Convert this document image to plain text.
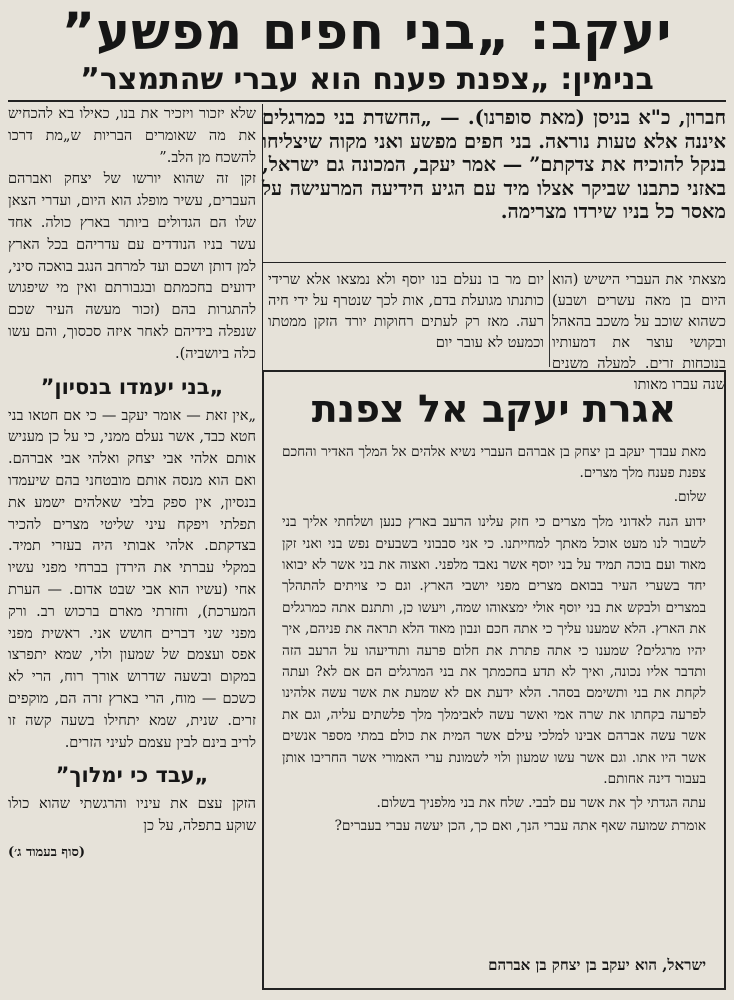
יעקב: „בני חפים מפשע”
בנימין: „צפנת פענח הוא עברי שהתמצר”
חברון, כ"א בניסן (מאת סופרנו). — „החשדת בני כמרגלים איננה אלא טעות נוראה. בני חפים מפשע ואני מקוה שיצליחו בנקל להוכיח את צדקתם” — אמר יעקב, המכונה גם ישראל, באזני כתבנו שביקר אצלו מיד עם הגיע הידיעה המרעישה על מאסר כל בניו שירדו מצרימה.
מצאתי את העברי הישיש (הוא היום בן מאה עשרים ושבע) כשהוא שוכב על משכב בהאהל ובקושי עוצר את דמעותיו בנוכחות זרים. למעלה משנים שנה עברו מאותו
יום מר בו נעלם בנו יוסף ולא נמצאו אלא שרידי כותנתו מגועלת בדם, אות לכך שנטרף על ידי חיה רעה. מאז רק לעתים רחוקות יורד הזקן ממטתו וכמעט לא עובר יום

שלא יזכור ויזכיר את בנו, כאילו בא להכחיש את מה שאומרים הבריות ש„מת דרכו להשכח מן הלב.”

זקן זה שהוא יורשו של יצחק ואברהם העברים, עשיר מופלג הוא היום, ועדרי הצאן שלו הם הגדולים ביותר בארץ כולה. אחד עשר בניו הנודדים עם עדריהם בכל הארץ למן דותן ושכם ועד למרחב הנגב בואכה סיני, ידועים בחכמתם ובגבורתם ואין מי שיפגוש להתגרות בהם (זכור מעשה העיר שכם שנפלה בידיהם לאחר איזה סכסוך, והם עשו כלה ביושביה).

„בני יעמדו בנסיון”

„אין זאת — אומר יעקב — כי אם חטאו בני חטא כבד, אשר נעלם ממני, כי על כן מעניש אותם אלהי אבי יצחק ואלהי אבי אברהם. ואם הוא מנסה אותם מובטחני בהם שיעמדו בנסיון, אין ספק בלבי שאלהים ישמע את תפלתי ויפקח עיני שליטי מצרים להכיר בצדקתם. אלהי אבותי היה בעזרי תמיד. במקלי עברתי את הירדן בברחי מפני עשיו אחי (עשיו הוא אבי שבט אדום. — הערת המערכת), וחזרתי מארם ברכוש רב. ורק מפני שני דברים חושש אני. ראשית מפני אפס ועצמם של שמעון ולוי, שמא יתפרצו במקום ובשעה שדרוש אורך רוח, הרי לא כשכם — מוח, הרי בארץ זרה הם, מוקפים זרים. שנית, שמא יתחילו בשעה קשה זו לריב בינם לבין עצמם לעיני הזרים.

„עבד כי ימלוך”

הזקן עצם את עיניו והרגשתי שהוא כולו שוקע בתפלה, על כן

(סוף בעמוד ג׳)
אגרת יעקב אל צפנת

מאת עבדך יעקב בן יצחק בן אברהם העברי נשיא אלהים אל המלך האדיר והחכם צפנת פענח מלך מצרים.

שלום.

ידוע הנה לאדוני מלך מצרים כי חזק עלינו הרעב בארץ כנען ושלחתי אליך בני לשבור לנו מעט אוכל מאתך למחייתנו. כי אני סבבוני בשבעים נפש בני ואני זקן מאוד ועם בוכה תמיד על בני יוסף אשר נאבד מלפני. ואצוה את בני אשר לא יבואו יחד בשערי העיר בבואם מצרים מפני יושבי הארץ. וגם כי צויתים להתהלך במצרים ולבקש את בני יוסף אולי ימצאוהו שמה, ויעשו כן, ותתנם אתה כמרגלים את הארץ. הלא שמענו עליך כי אתה חכם ונבון מאוד הלא תראה את פניהם, איך יהיו מרגלים? שמענו כי אתה פתרת את חלום פרעה ותודיעהו על הרעב הזה ותדבר אליו נכונה, ואיך לא תדע בחכמתך את בני המרגלים הם אם לא? ועתה לקחת את בני ותשימם בסהר. הלא ידעת אם לא שמעת את אשר עשה אלהינו לפרעה בקחתו את שרה אמי ואשר עשה לאבימלך מלך פלשתים עליה, וגם את אשר עשה אברהם אבינו למלכי עילם אשר המית את כולם במתי מספר אנשים אשר היו אתו. וגם אשר עשו שמעון ולוי לשמונת ערי האמורי אשר החריבו אותן בעבור דינה אחותם.

עתה הגדתי לך את אשר עם לבבי. שלח את בני מלפניך בשלום.

אומרת שמועה שאף אתה עברי הנך, ואם כך, הכן יעשה עברי בעברים?

ישראל, הוא יעקב בן יצחק בן אברהם
